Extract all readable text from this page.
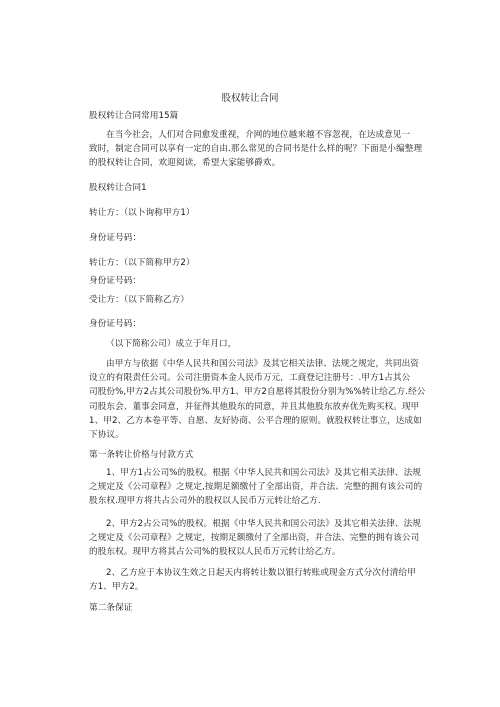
股权转让合同
股权转让合同常用15篇
在当今社会，人们对合同愈发重视，介网的地位越来越不容忽视，在达成意见一
致时，制定合同可以享有一定的自由.那么常见的合同书是什么样的呢？下面是小编整理
的股权转让合同，欢迎阅读，希望大家能够爵欢。
股权转让合同1
转让方：（以卜询称甲方1）
身份证号码：
转让方：（以下简称甲方2）
身份证号码：
受让方：（以下简称乙方）
身份证号码：
（以下简称公司）成立于年月口，
由甲方与依据《中华人民共和国公司法》及其它相关法律、法规之规定，共同出资
设立的有限责任公司。公司注册资本金人民币万元，工商登记注册号：.甲方1占其公
司股份%,甲方2占其公司股份%.甲方1、甲方2自愿将其股份分别为%%转让给乙方.经公
司股东会、董事会同意，并征得其他股东的同意，并且其他股东放弃优先购买权。现甲
1、甲2、乙方本卷平等、自愿、友好协商、公平合理的原则。就股权转让事立，达成如
下协议。
第一条转让价格与付款方式
1、甲方1占公司%的股权。根据《中华人民共和国公司法》及其它相关法律、法规
之规定及《公司章程》之规定,按期足额缴付了全部出资，并合法、完整的拥有该公司的
股东权.现甲方将共占公司外的股权以人民币万元转让给乙方.
2、甲方2占公司%的股权。根据《中华人民共和国公司法》及其它相关法律、法规
之规定及《公司章程》之规定，按期足额缴付了全部出资，并合法、完整的拥有该公司
的股东权。现甲方将其占公司%的股权以人民币万元转让给乙方。
2、乙方应于本协议生效之日起天内将转让数以银行转账或现金方式分次付清给甲
方1、甲方2。
第二条保证
